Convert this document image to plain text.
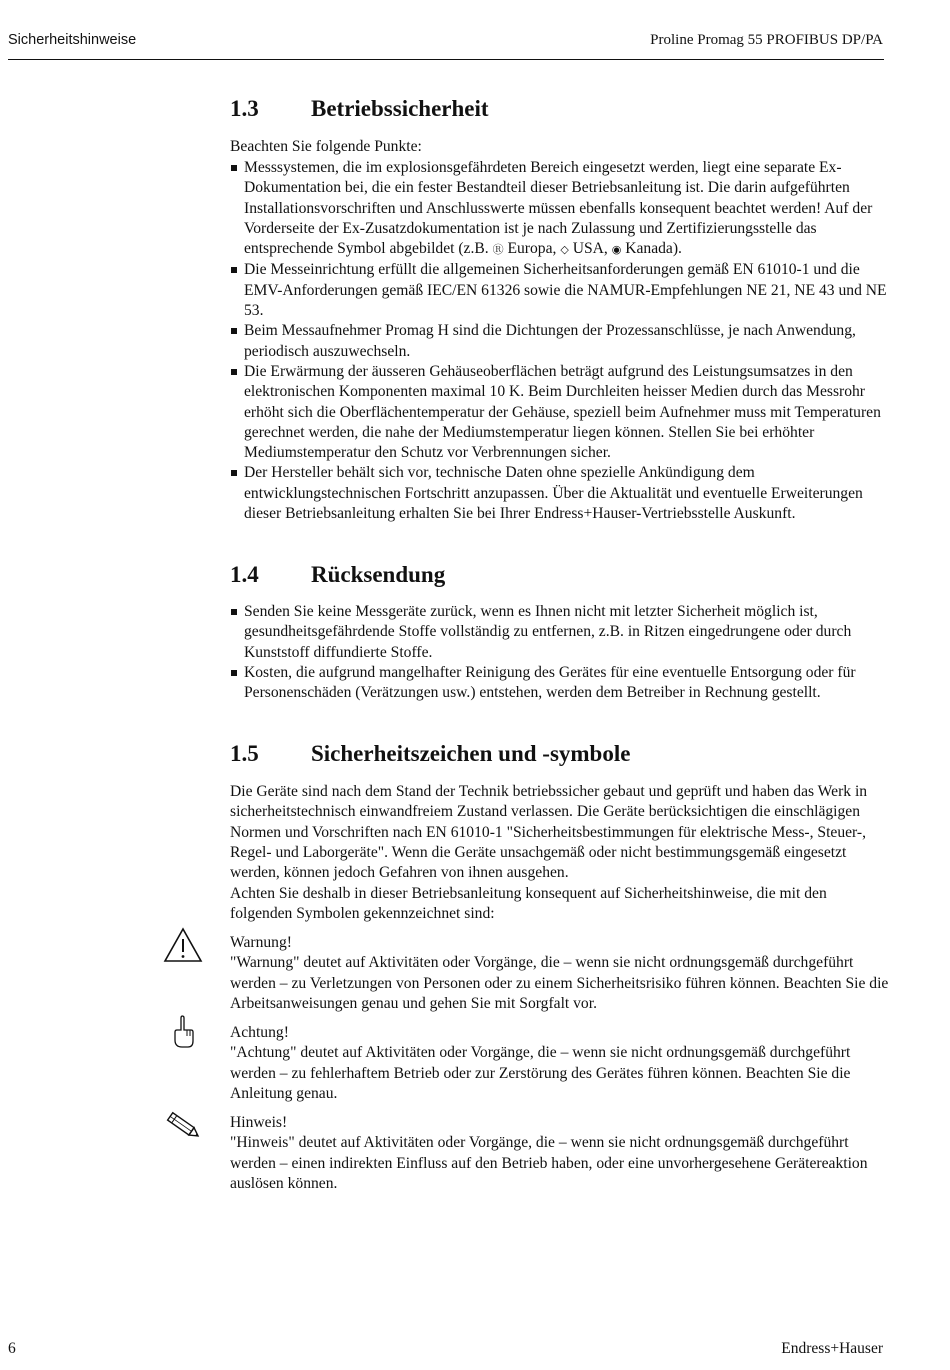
Sicherheitshinweise	Proline Promag 55 PROFIBUS DP/PA
1.3 Betriebssicherheit

Beachten Sie folgende Punkte:

Messsystemen, die im explosionsgefährdeten Bereich eingesetzt werden, liegt eine separate Ex-Dokumentation bei, die ein fester Bestandteil dieser Betriebsanleitung ist. Die darin aufgeführten Installationsvorschriften und Anschlusswerte müssen ebenfalls konsequent beachtet werden! Auf der Vorderseite der Ex-Zusatzdokumentation ist je nach Zulassung und Zertifizierungsstelle das entsprechende Symbol abgebildet (z.B. Ⓡ Europa, ◇ USA, ◉ Kanada).
Die Messeinrichtung erfüllt die allgemeinen Sicherheitsanforderungen gemäß EN 61010-1 und die EMV-Anforderungen gemäß IEC/EN 61326 sowie die NAMUR-Empfehlungen NE 21, NE 43 und NE 53.
Beim Messaufnehmer Promag H sind die Dichtungen der Prozessanschlüsse, je nach Anwendung, periodisch auszuwechseln.
Die Erwärmung der äusseren Gehäuseoberflächen beträgt aufgrund des Leistungsumsatzes in den elektronischen Komponenten maximal 10 K. Beim Durchleiten heisser Medien durch das Messrohr erhöht sich die Oberflächentemperatur der Gehäuse, speziell beim Aufnehmer muss mit Temperaturen gerechnet werden, die nahe der Mediumstemperatur liegen können. Stellen Sie bei erhöhter Mediumstemperatur den Schutz vor Verbrennungen sicher.
Der Hersteller behält sich vor, technische Daten ohne spezielle Ankündigung dem entwicklungstechnischen Fortschritt anzupassen. Über die Aktualität und eventuelle Erweiterungen dieser Betriebsanleitung erhalten Sie bei Ihrer Endress+Hauser-Vertriebsstelle Auskunft.
1.4 Rücksendung
Senden Sie keine Messgeräte zurück, wenn es Ihnen nicht mit letzter Sicherheit möglich ist, gesundheitsgefährdende Stoffe vollständig zu entfernen, z.B. in Ritzen eingedrungene oder durch Kunststoff diffundierte Stoffe.
Kosten, die aufgrund mangelhafter Reinigung des Gerätes für eine eventuelle Entsorgung oder für Personenschäden (Verätzungen usw.) entstehen, werden dem Betreiber in Rechnung gestellt.
1.5 Sicherheitszeichen und -symbole

Die Geräte sind nach dem Stand der Technik betriebssicher gebaut und geprüft und haben das Werk in sicherheitstechnisch einwandfreiem Zustand verlassen. Die Geräte berücksichtigen die einschlägigen Normen und Vorschriften nach EN 61010-1 "Sicherheitsbestimmungen für elektrische Mess-, Steuer-, Regel- und Laborgeräte". Wenn die Geräte unsachgemäß oder nicht bestimmungsgemäß eingesetzt werden, können jedoch Gefahren von ihnen ausgehen.

Achten Sie deshalb in dieser Betriebsanleitung konsequent auf Sicherheitshinweise, die mit den folgenden Symbolen gekennzeichnet sind:

Warnung!
"Warnung" deutet auf Aktivitäten oder Vorgänge, die – wenn sie nicht ordnungsgemäß durchgeführt werden – zu Verletzungen von Personen oder zu einem Sicherheitsrisiko führen können. Beachten Sie die Arbeitsanweisungen genau und gehen Sie mit Sorgfalt vor.
Achtung!
"Achtung" deutet auf Aktivitäten oder Vorgänge, die – wenn sie nicht ordnungsgemäß durchgeführt werden – zu fehlerhaftem Betrieb oder zur Zerstörung des Gerätes führen können. Beachten Sie die Anleitung genau.
Hinweis!
"Hinweis" deutet auf Aktivitäten oder Vorgänge, die – wenn sie nicht ordnungsgemäß durchgeführt werden – einen indirekten Einfluss auf den Betrieb haben, oder eine unvorhergesehene Gerätereaktion auslösen können.
6	Endress+Hauser
